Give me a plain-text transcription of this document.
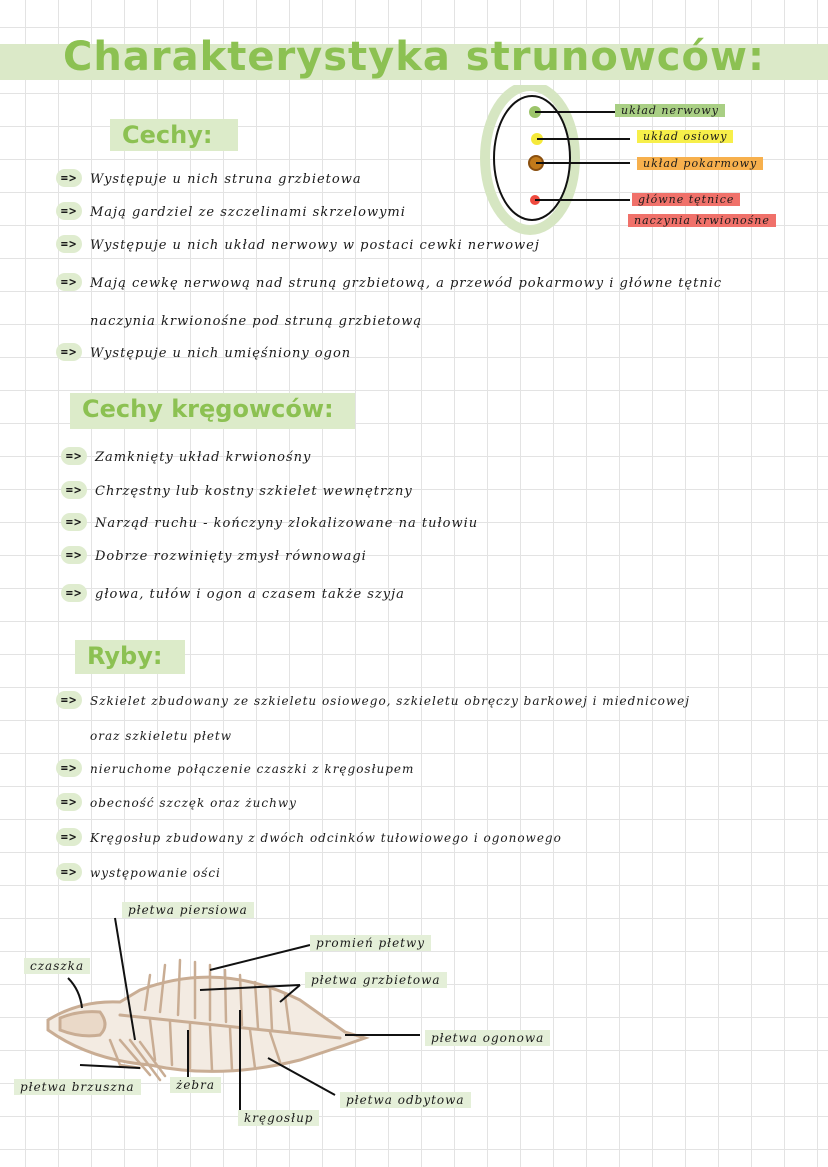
Charakterystyka strunowców:
Cechy:
Cechy kręgowców:
Ryby:
=> Występuje u nich struna grzbietowa
=> Mają gardziel ze szczelinami skrzelowymi
=> Występuje u nich układ nerwowy w postaci cewki nerwowej
=> Mają cewkę nerwową nad struną grzbietową, a przewód pokarmowy i główne tętnic
naczynia krwionośne pod struną grzbietową
=> Występuje u nich umięśniony ogon
=> Zamknięty układ krwionośny
=> Chrzęstny lub kostny szkielet wewnętrzny
=> Narząd ruchu - kończyny zlokalizowane na tułowiu
=> Dobrze rozwinięty zmysł równowagi
=> głowa, tułów i ogon a czasem także szyja
=>	Szkielet zbudowany ze szkieletu osiowego, szkieletu obręczy barkowej i miednicowej
oraz szkieletu płetw
=>	nieruchome połączenie czaszki z kręgosłupem
=>	obecność szczęk oraz żuchwy
=>	Kręgosłup zbudowany z dwóch odcinków tułowiowego i ogonowego
=>	występowanie ości
układ nerwowy
układ osiowy
układ pokarmowy
główne tętnice
naczynia krwionośne
płetwa piersiowa
promień płetwy
czaszka
płetwa grzbietowa
płetwa ogonowa
płetwa brzuszna	żebra
płetwa odbytowa
kręgosłup
